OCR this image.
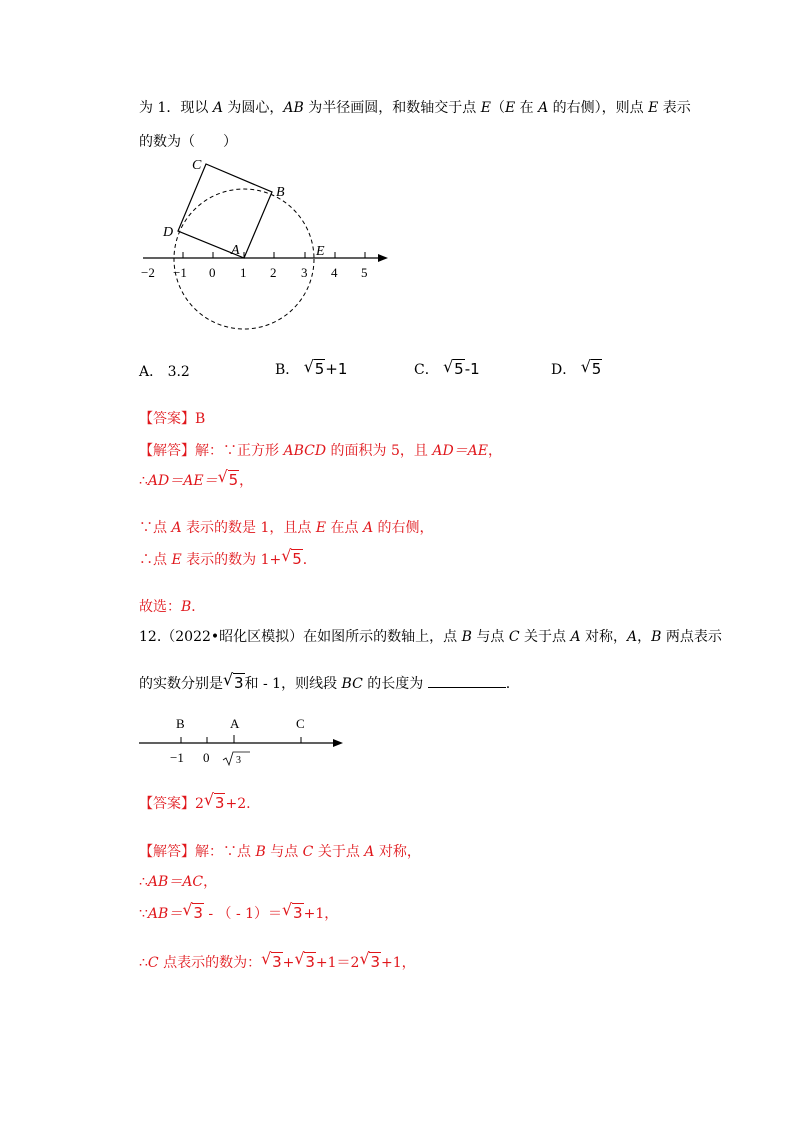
为 1．现以 A 为圆心，AB 为半径画圆，和数轴交于点 E（E 在 A 的右侧），则点 E 表示
的数为（　　）
C
B
D
A	E
−2 −1 0 1 2 3 4 5
A． 3.2	B． √ 5+1	C． √ 5-1	D． √ 5
【答案】B
【解答】解：∵正方形 ABCD 的面积为 5，且 AD＝AE，
∴AD＝AE＝ √ 5，
∵点 A 表示的数是 1，且点 E 在点 A 的右侧，
∴点 E 表示的数为 1+ √ 5．
故选：B．
12.（2022•昭化区模拟）在如图所示的数轴上，点 B 与点 C 关于点 A 对称，A，B 两点表示
的实数分别是 √ 3和 - 1，则线段 BC 的长度为	.
B	A	C
−1 0	3
【答案】2 √ 3+2.
【解答】解：∵点 B 与点 C 关于点 A 对称，
∴AB＝AC，
∵AB＝ √ 3 - （ - 1）＝ √ 3+1，
∴C 点表示的数为： √ 3+ √ 3+1＝2 √ 3+1，
